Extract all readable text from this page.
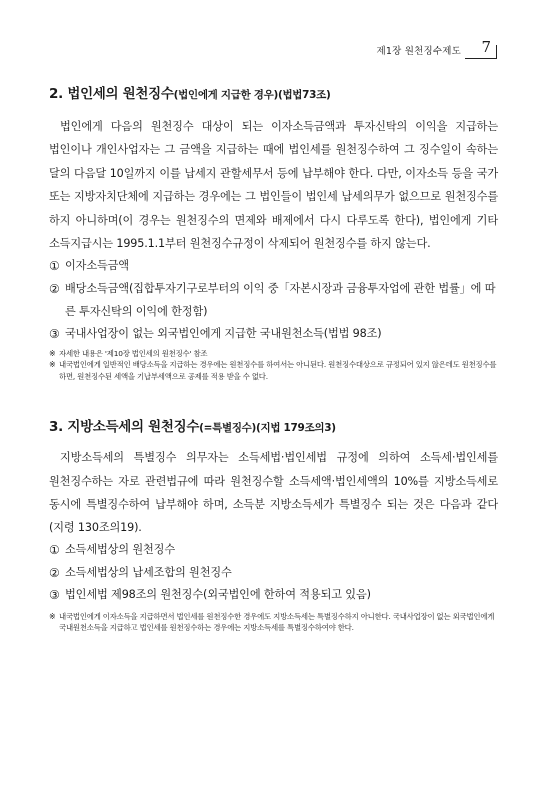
제1장 원천징수제도 7
2. 법인세의 원천징수(법인에게 지급한 경우)(법법73조)

법인에게 다음의 원천징수 대상이 되는 이자소득금액과 투자신탁의 이익을 지급하는 법인이나 개인사업자는 그 금액을 지급하는 때에 법인세를 원천징수하여 그 징수일이 속하는 달의 다음달 10일까지 이를 납세지 관할세무서 등에 납부해야 한다. 다만, 이자소득 등을 국가 또는 지방자치단체에 지급하는 경우에는 그 법인들이 법인세 납세의무가 없으므로 원천징수를 하지 아니하며(이 경우는 원천징수의 면제와 배제에서 다시 다루도록 한다), 법인에게 기타 소득지급시는 1995.1.1부터 원천징수규정이 삭제되어 원천징수를 하지 않는다.

① 이자소득금액
② 배당소득금액(집합투자기구로부터의 이익 중「자본시장과 금융투자업에 관한 법률」에 따른 투자신탁의 이익에 한정함)
③ 국내사업장이 없는 외국법인에게 지급한 국내원천소득(법법 98조)
※ 자세한 내용은 '제10장 법인세의 원천징수' 참조
※ 내국법인에게 일반적인 배당소득을 지급하는 경우에는 원천징수를 하여서는 아니된다. 원천징수대상으로 규정되어 있지 않은데도 원천징수를 하면, 원천징수된 세액을 기납부세액으로 공제를 적용 받을 수 없다.
3. 지방소득세의 원천징수(=특별징수)(지법 179조의3)

지방소득세의 특별징수 의무자는 소득세법·법인세법 규정에 의하여 소득세·법인세를 원천징수하는 자로 관련법규에 따라 원천징수할 소득세액·법인세액의 10%를 지방소득세로 동시에 특별징수하여 납부해야 하며, 소득분 지방소득세가 특별징수 되는 것은 다음과 같다(지령 130조의19).

① 소득세법상의 원천징수
② 소득세법상의 납세조합의 원천징수
③ 법인세법 제98조의 원천징수(외국법인에 한하여 적용되고 있음)
※ 내국법인에게 이자소득을 지급하면서 법인세를 원천징수한 경우에도 지방소득세는 특별징수하지 아니한다. 국내사업장이 없는 외국법인에게 국내원천소득을 지급하고 법인세를 원천징수하는 경우에는 지방소득세를 특별징수하여야 한다.
